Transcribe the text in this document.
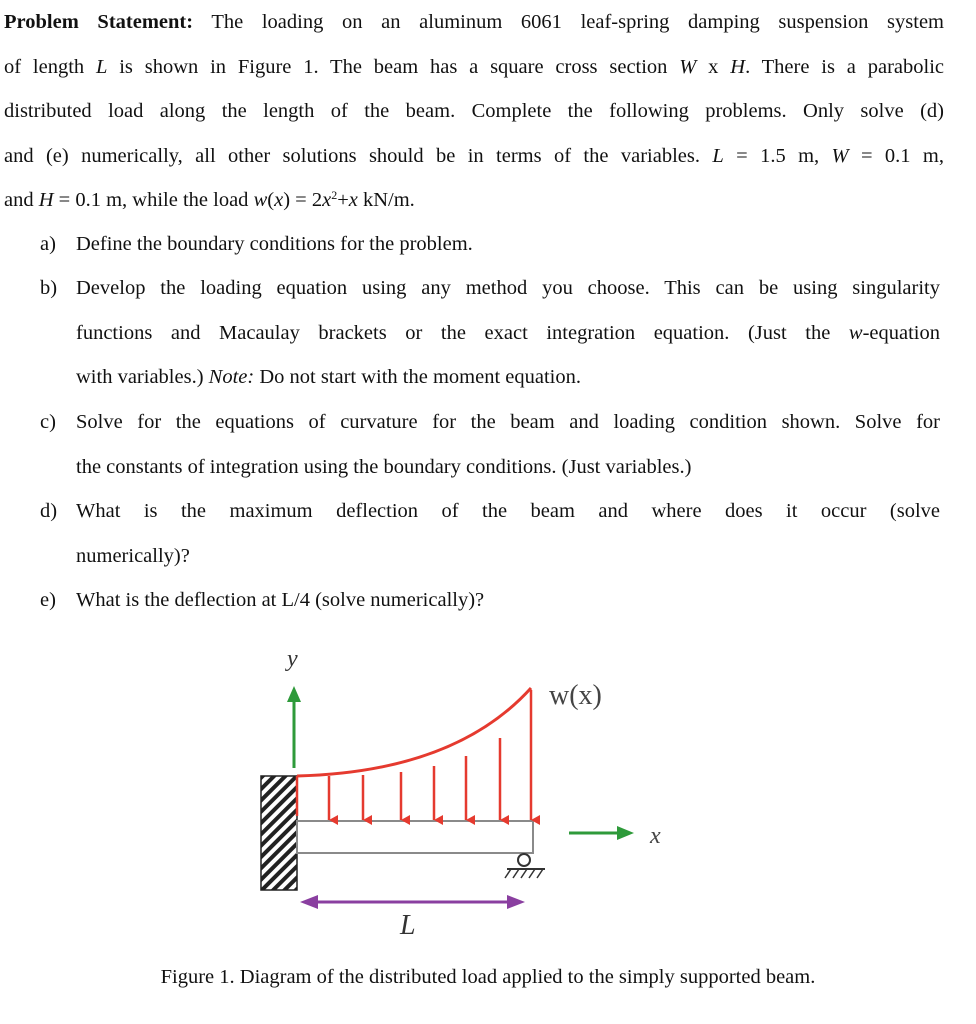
Problem Statement: The loading on an aluminum 6061 leaf-spring damping suspension system
of length L is shown in Figure 1. The beam has a square cross section W x H. There is a parabolic
distributed load along the length of the beam. Complete the following problems. Only solve (d)
and (e) numerically, all other solutions should be in terms of the variables. L = 1.5 m, W = 0.1 m,
and H = 0.1 m, while the load $w(x) = 2x^2+x$ kN/m.
a) Define the boundary conditions for the problem.
b) Develop the loading equation using any method you choose. This can be using singularity
functions and Macaulay brackets or the exact integration equation. (Just the w-equation
with variables.) Note: Do not start with the moment equation.
c) Solve for the equations of curvature for the beam and loading condition shown. Solve for
the constants of integration using the boundary conditions. (Just variables.)
d) What is the maximum deflection of the beam and where does it occur (solve
numerically)?
e) What is the deflection at L/4 (solve numerically)?
y
w(x)
x
L
Figure 1. Diagram of the distributed load applied to the simply supported beam.
